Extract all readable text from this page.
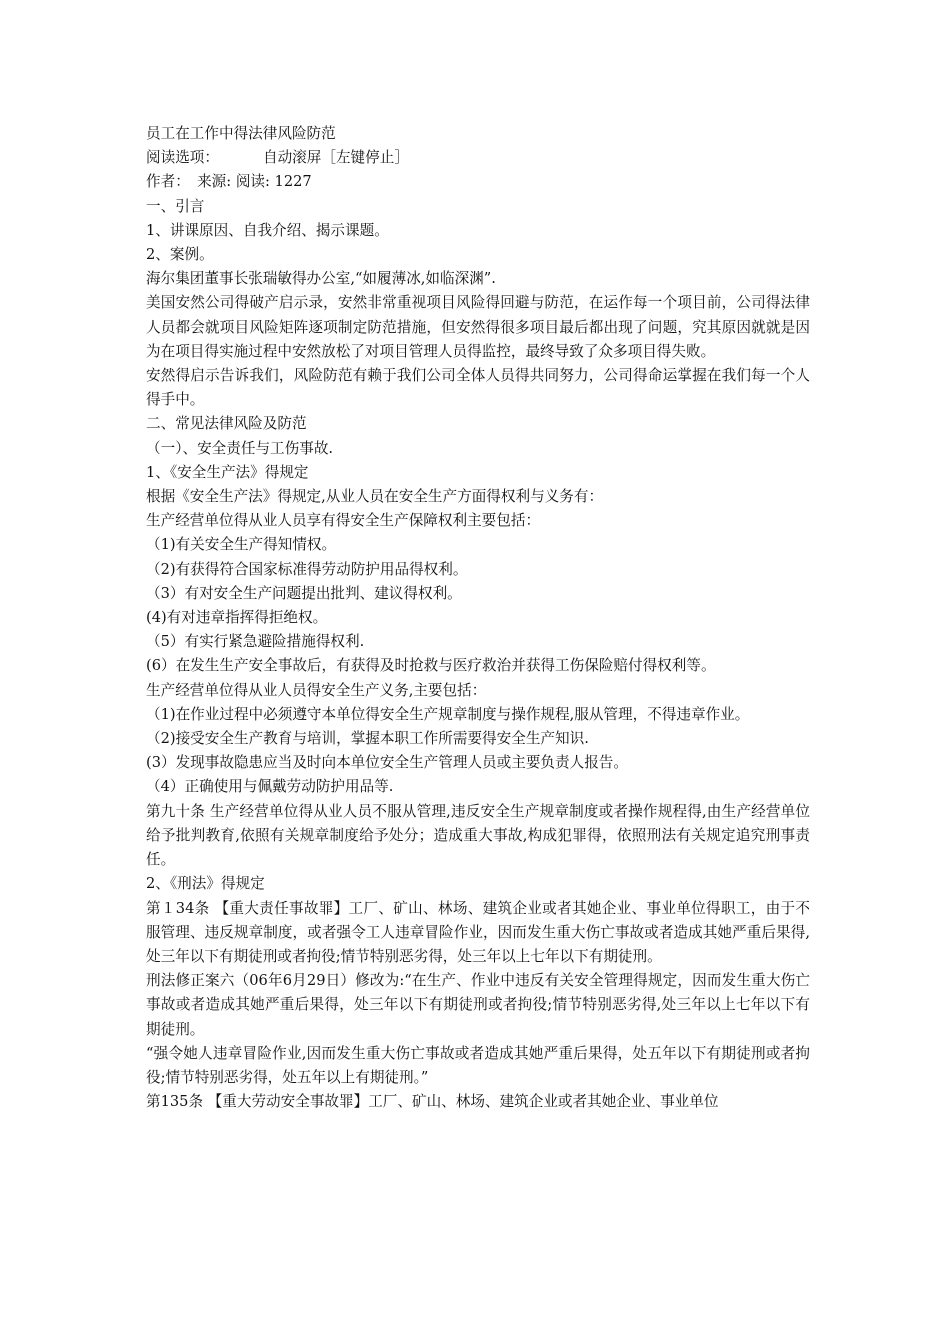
员工在工作中得法律风险防范

阅读选项：	自动滚屏［左键停止］

作者：　来源: 阅读: 1227

一、引言

1、讲课原因、自我介绍、揭示课题。

2、案例。

海尔集团董事长张瑞敏得办公室,“如履薄冰,如临深渊”.

美国安然公司得破产启示录，安然非常重视项目风险得回避与防范，在运作每一个项目前，公司得法律人员都会就项目风险矩阵逐项制定防范措施，但安然得很多项目最后都出现了问题，究其原因就就是因为在项目得实施过程中安然放松了对项目管理人员得监控，最终导致了众多项目得失败。

安然得启示告诉我们，风险防范有赖于我们公司全体人员得共同努力，公司得命运掌握在我们每一个人得手中。

二、常见法律风险及防范

（一）、安全责任与工伤事故.

1、《安全生产法》得规定

根据《安全生产法》得规定,从业人员在安全生产方面得权利与义务有：

生产经营单位得从业人员享有得安全生产保障权利主要包括：

（1)有关安全生产得知情权。

（2)有获得符合国家标准得劳动防护用品得权利。

（3）有对安全生产问题提出批判、建议得权利。

(4)有对违章指挥得拒绝权。

（5）有实行紧急避险措施得权利.

(6）在发生生产安全事故后，有获得及时抢救与医疗救治并获得工伤保险赔付得权利等。

生产经营单位得从业人员得安全生产义务,主要包括：

（1)在作业过程中必须遵守本单位得安全生产规章制度与操作规程,服从管理，不得违章作业。

（2)接受安全生产教育与培训，掌握本职工作所需要得安全生产知识.

(3）发现事故隐患应当及时向本单位安全生产管理人员或主要负责人报告。

（4）正确使用与佩戴劳动防护用品等.

第九十条 生产经营单位得从业人员不服从管理,违反安全生产规章制度或者操作规程得,由生产经营单位给予批判教育,依照有关规章制度给予处分；造成重大事故,构成犯罪得，依照刑法有关规定追究刑事责任。

2、《刑法》得规定

第１34条 【重大责任事故罪】工厂、矿山、林场、建筑企业或者其她企业、事业单位得职工，由于不服管理、违反规章制度，或者强令工人违章冒险作业，因而发生重大伤亡事故或者造成其她严重后果得,处三年以下有期徒刑或者拘役;情节特别恶劣得，处三年以上七年以下有期徒刑。

刑法修正案六（06年6月29日）修改为:“在生产、作业中违反有关安全管理得规定，因而发生重大伤亡事故或者造成其她严重后果得，处三年以下有期徒刑或者拘役;情节特别恶劣得,处三年以上七年以下有期徒刑。

“强令她人违章冒险作业,因而发生重大伤亡事故或者造成其她严重后果得，处五年以下有期徒刑或者拘役;情节特别恶劣得，处五年以上有期徒刑。”

第135条 【重大劳动安全事故罪】工厂、矿山、林场、建筑企业或者其她企业、事业单位
